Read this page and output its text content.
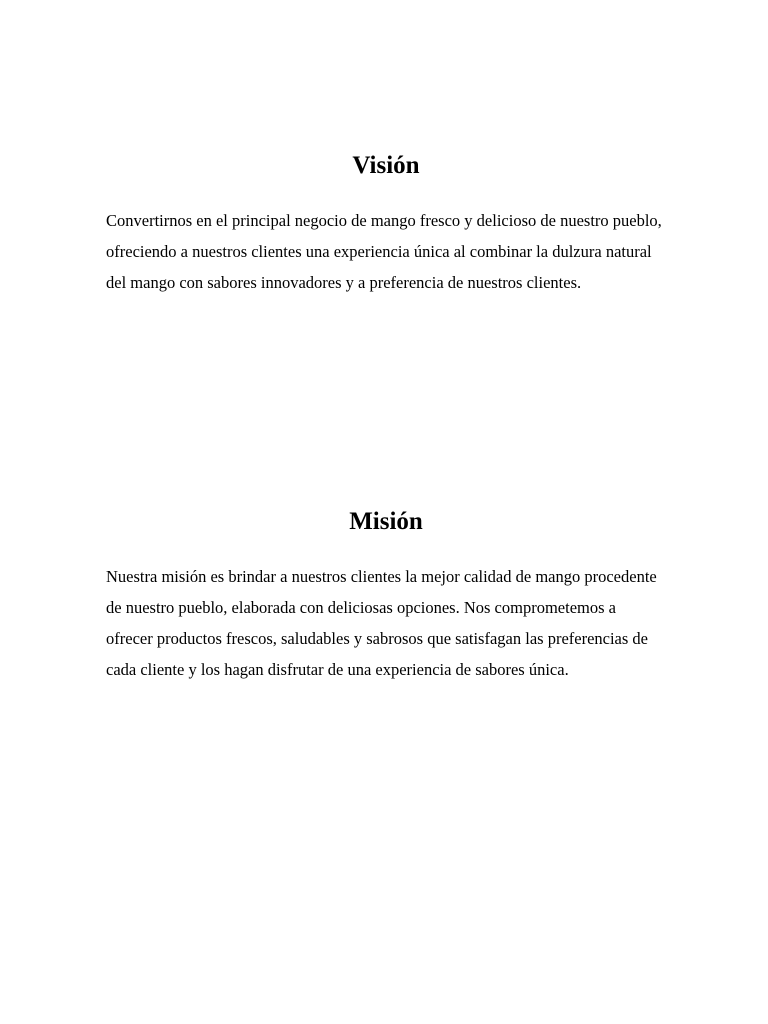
Visión

Convertirnos en el principal negocio de mango fresco y delicioso de nuestro pueblo, ofreciendo a nuestros clientes una experiencia única al combinar la dulzura natural del mango con sabores innovadores y a preferencia de nuestros clientes.

Misión

Nuestra misión es brindar a nuestros clientes la mejor calidad de mango procedente de nuestro pueblo, elaborada con deliciosas opciones. Nos comprometemos a ofrecer productos frescos, saludables y sabrosos que satisfagan las preferencias de cada cliente y los hagan disfrutar de una experiencia de sabores única.
